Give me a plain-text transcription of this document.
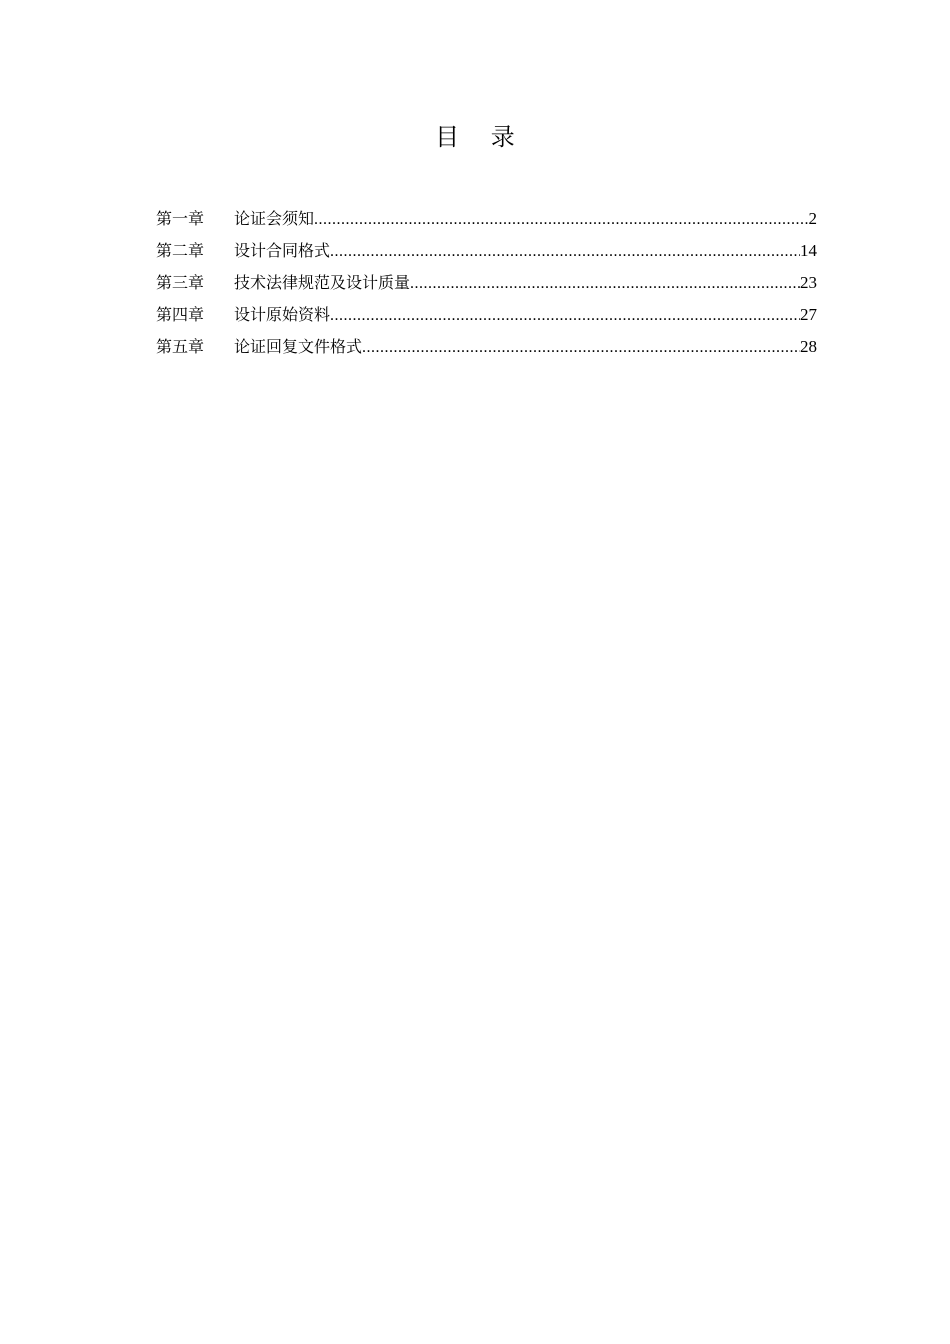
目 录
第一章	论证会须知 .....	2
第二章	设计合同格式 .....	14
第三章	技术法律规范及设计质量 .....	23
第四章	设计原始资料 .....	27
第五章	论证回复文件格式 .....	28
